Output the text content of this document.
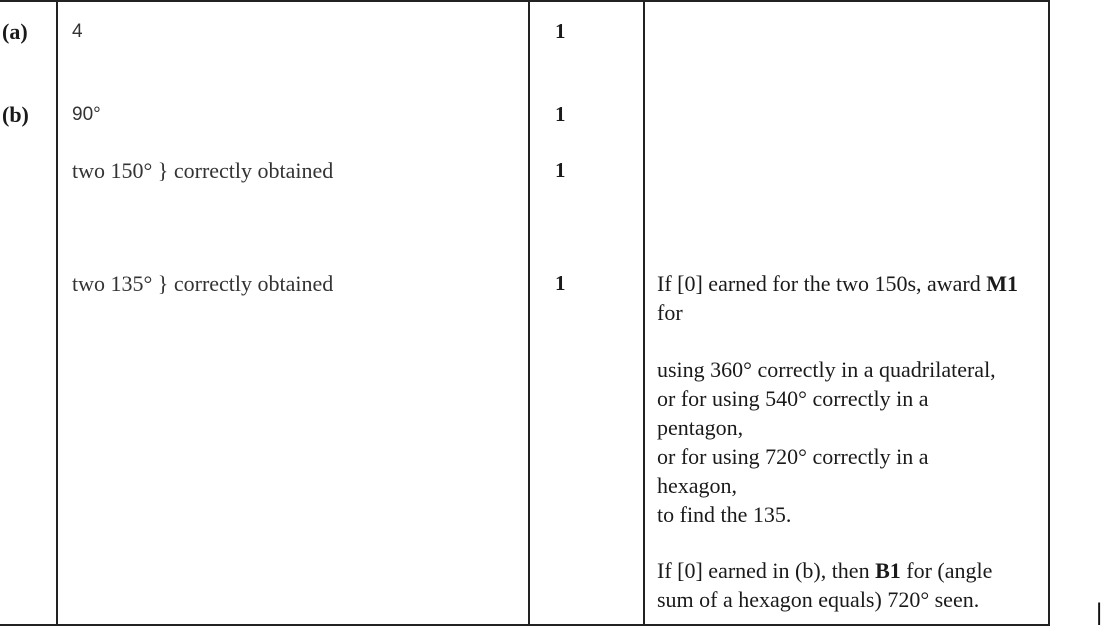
(a) 4	1
(b) 90°	1
two 150° } correctly obtained	1
two 135° } correctly obtained	1	If [0] earned for the two 150s, award M1 for
using 360° correctly in a quadrilateral,
or for using 540° correctly in a
pentagon,
or for using 720° correctly in a
hexagon,
to find the 135.
If [0] earned in (b), then B1 for (angle
sum of a hexagon equals) 720° seen.	|
